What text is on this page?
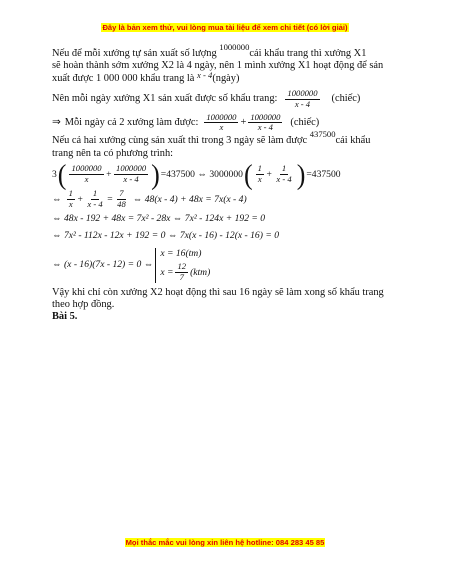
Đây là bản xem thử, vui lòng mua tài liệu để xem chi tiết (có lời giải)

Nếu để mỗi xưởng tự sản xuất số lượng $^{1000000}$cái khẩu trang thì xưởng X1
sẽ hoàn thành sớm xưởng X2 là 4 ngày, nên 1 mình xưởng X1 hoạt động để sản
xuất được 1 000 000 khẩu trang là $^{x - 4}$(ngày)

Nên mỗi ngày xưởng X1 sản xuất được số khẩu trang: $\frac{1000000}{x - 4}$ (chiếc)
⇒ Mỗi ngày cả 2 xưởng làm được: $\frac{1000000}{x} + \frac{1000000}{x - 4}$ (chiếc)

Nếu cả hai xưởng cùng sản xuất thì trong 3 ngày sẽ làm được $^{437500}$cái khẩu
trang nên ta có phương trình:

3 ( $\frac{1000000}{x} + \frac{1000000}{x - 4}$ ) =437500 ⇔ 3000000 ( $\frac{1}{x} + \frac{1}{x - 4}$ ) =437500
⇔ $\frac{1}{x} + \frac{1}{x - 4} = \frac{7}{48}$ ⇔ 48(x - 4) + 48x = 7x(x - 4)
⇔ 48x - 192 + 48x = 7x² - 28x ⇔ 7x² - 124x + 192 = 0
⇔ 7x² - 112x - 12x + 192 = 0 ⇔ 7x(x - 16) - 12(x - 16) = 0
⇔ (x - 16)(7x - 12) = 0 ⇔
x = 16(tm)
$x = \frac{12}{7} (ktm)$

Vậy khi chỉ còn xưởng X2 hoạt động thì sau 16 ngày sẽ làm xong số khẩu trang
theo hợp đồng.

Bài 5.

Mọi thắc mắc vui lòng xin liên hệ hotline: 084 283 45 85
